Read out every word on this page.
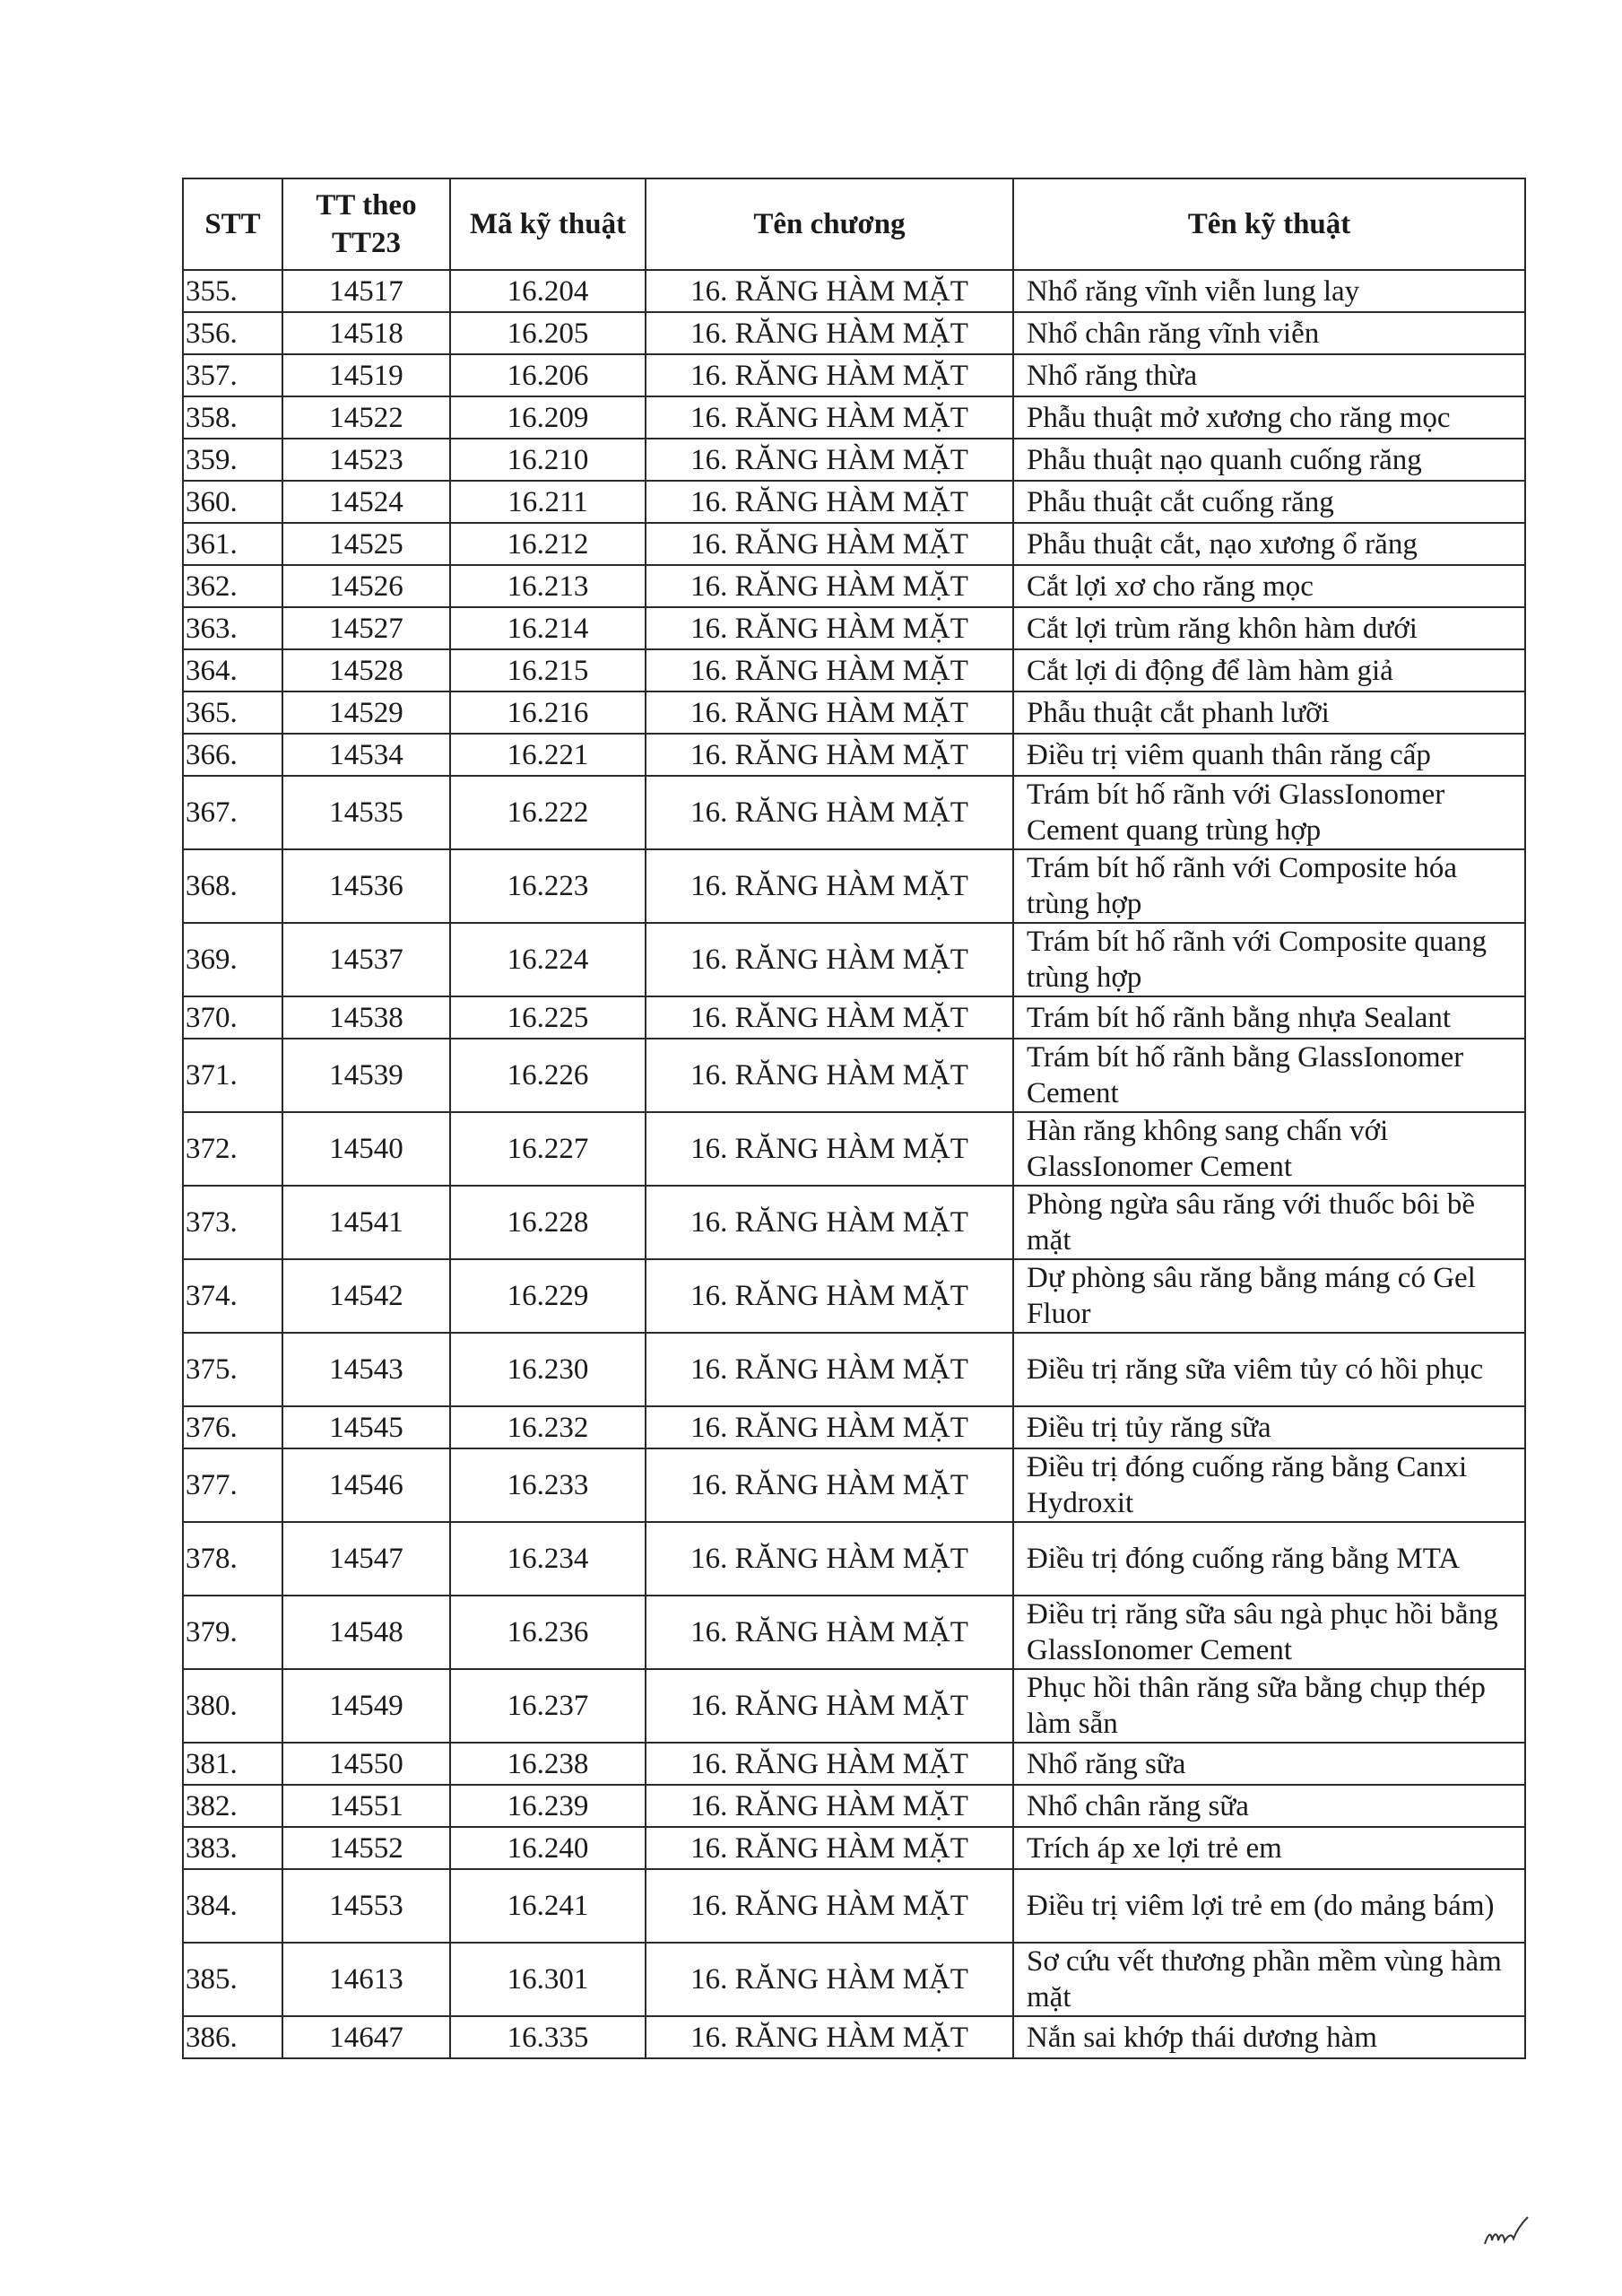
STT	TT theo TT23	Mã kỹ thuật	Tên chương	Tên kỹ thuật
355.	14517	16.204	16. RĂNG HÀM MẶT	Nhổ răng vĩnh viễn lung lay
356.	14518	16.205	16. RĂNG HÀM MẶT	Nhổ chân răng vĩnh viễn
357.	14519	16.206	16. RĂNG HÀM MẶT	Nhổ răng thừa
358.	14522	16.209	16. RĂNG HÀM MẶT	Phẫu thuật mở xương cho răng mọc
359.	14523	16.210	16. RĂNG HÀM MẶT	Phẫu thuật nạo quanh cuống răng
360.	14524	16.211	16. RĂNG HÀM MẶT	Phẫu thuật cắt cuống răng
361.	14525	16.212	16. RĂNG HÀM MẶT	Phẫu thuật cắt, nạo xương ổ răng
362.	14526	16.213	16. RĂNG HÀM MẶT	Cắt lợi xơ cho răng mọc
363.	14527	16.214	16. RĂNG HÀM MẶT	Cắt lợi trùm răng khôn hàm dưới
364.	14528	16.215	16. RĂNG HÀM MẶT	Cắt lợi di động để làm hàm giả
365.	14529	16.216	16. RĂNG HÀM MẶT	Phẫu thuật cắt phanh lưỡi
366.	14534	16.221	16. RĂNG HÀM MẶT	Điều trị viêm quanh thân răng cấp
367.	14535	16.222	16. RĂNG HÀM MẶT	Trám bít hố rãnh với GlassIonomer Cement quang trùng hợp
368.	14536	16.223	16. RĂNG HÀM MẶT	Trám bít hố rãnh với Composite hóa trùng hợp
369.	14537	16.224	16. RĂNG HÀM MẶT	Trám bít hố rãnh với Composite quang trùng hợp
370.	14538	16.225	16. RĂNG HÀM MẶT	Trám bít hố rãnh bằng nhựa Sealant
371.	14539	16.226	16. RĂNG HÀM MẶT	Trám bít hố rãnh bằng GlassIonomer Cement
372.	14540	16.227	16. RĂNG HÀM MẶT	Hàn răng không sang chấn với GlassIonomer Cement
373.	14541	16.228	16. RĂNG HÀM MẶT	Phòng ngừa sâu răng với thuốc bôi bề mặt
374.	14542	16.229	16. RĂNG HÀM MẶT	Dự phòng sâu răng bằng máng có Gel Fluor
375.	14543	16.230	16. RĂNG HÀM MẶT	Điều trị răng sữa viêm tủy có hồi phục
376.	14545	16.232	16. RĂNG HÀM MẶT	Điều trị tủy răng sữa
377.	14546	16.233	16. RĂNG HÀM MẶT	Điều trị đóng cuống răng bằng Canxi Hydroxit
378.	14547	16.234	16. RĂNG HÀM MẶT	Điều trị đóng cuống răng bằng MTA
379.	14548	16.236	16. RĂNG HÀM MẶT	Điều trị răng sữa sâu ngà phục hồi bằng GlassIonomer Cement
380.	14549	16.237	16. RĂNG HÀM MẶT	Phục hồi thân răng sữa bằng chụp thép làm sẵn
381.	14550	16.238	16. RĂNG HÀM MẶT	Nhổ răng sữa
382.	14551	16.239	16. RĂNG HÀM MẶT	Nhổ chân răng sữa
383.	14552	16.240	16. RĂNG HÀM MẶT	Trích áp xe lợi trẻ em
384.	14553	16.241	16. RĂNG HÀM MẶT	Điều trị viêm lợi trẻ em (do mảng bám)
385.	14613	16.301	16. RĂNG HÀM MẶT	Sơ cứu vết thương phần mềm vùng hàm mặt
386.	14647	16.335	16. RĂNG HÀM MẶT	Nắn sai khớp thái dương hàm
